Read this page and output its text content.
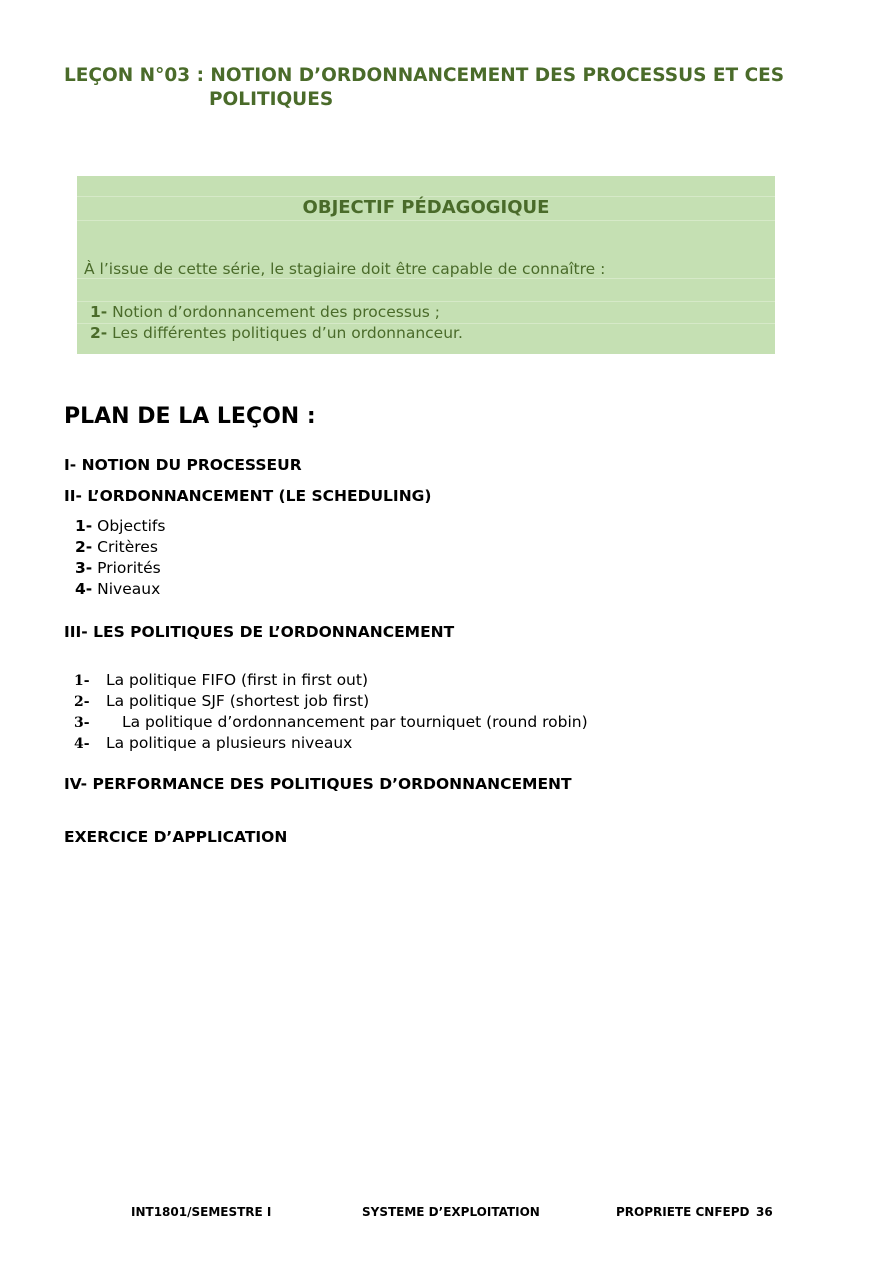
LEÇON N°03 : NOTION D’ORDONNANCEMENT DES PROCESSUS ET CES
POLITIQUES
OBJECTIF PÉDAGOGIQUE
À l’issue de cette série, le stagiaire doit être capable de connaître :
1- Notion d’ordonnancement des processus ;
2- Les différentes politiques d’un ordonnanceur.
PLAN DE LA LEÇON :
I- NOTION DU PROCESSEUR
II- L’ORDONNANCEMENT (LE SCHEDULING)
1- Objectifs
2- Critères
3- Priorités
4- Niveaux
III- LES POLITIQUES DE L’ORDONNANCEMENT
1- La politique FIFO (first in first out)
2- La politique SJF (shortest job first)
3- La politique d’ordonnancement par tourniquet (round robin)
4- La politique a plusieurs niveaux
IV- PERFORMANCE DES POLITIQUES D’ORDONNANCEMENT
EXERCICE D’APPLICATION
INT1801/SEMESTRE I	SYSTEME D’EXPLOITATION	PROPRIETE CNFEPD 36
